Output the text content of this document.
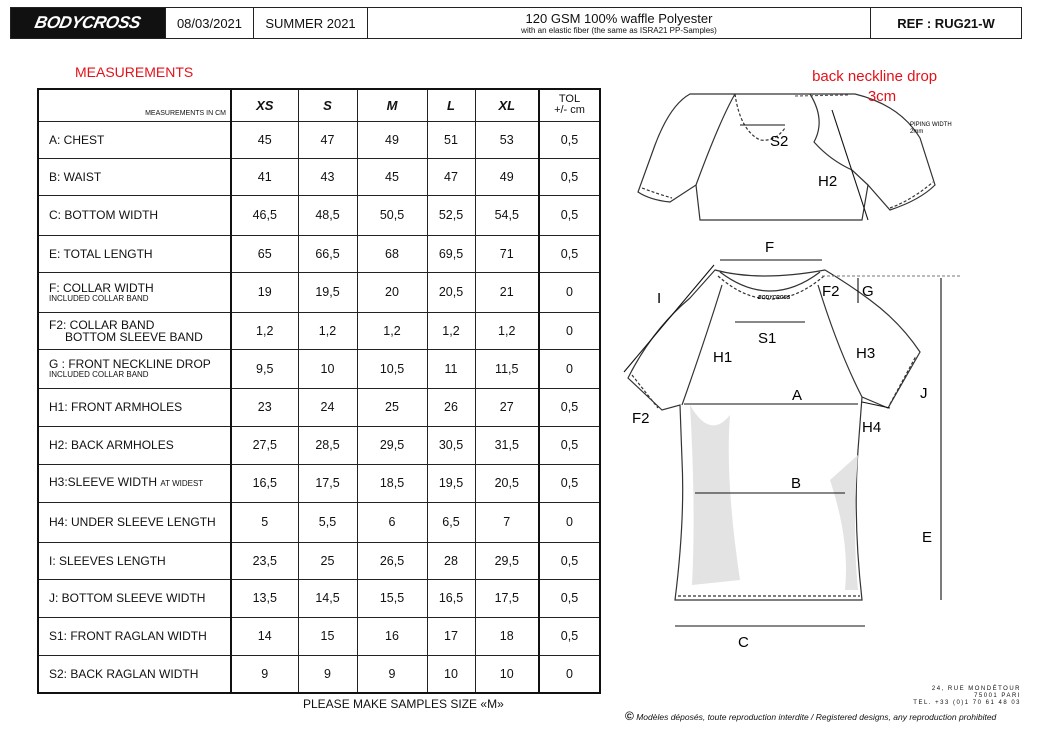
BODYCROSS	08/03/2021	SUMMER 2021	120 GSM 100% waffle Polyester
with an elastic fiber (the same as ISRA21 PP-Samples)	REF : RUG21-W
MEASUREMENTS
MEASUREMENTS IN CM	XS	S	M	L	XL	TOL
+/- cm
A: CHEST	45	47	49	51	53	0,5
B: WAIST	41	43	45	47	49	0,5
C: BOTTOM WIDTH	46,5	48,5	50,5	52,5	54,5	0,5
E: TOTAL LENGTH	65	66,5	68	69,5	71	0,5
F: COLLAR WIDTH
INCLUDED COLLAR BAND	19	19,5	20	20,5	21	0
F2: COLLAR BAND
BOTTOM SLEEVE BAND	1,2	1,2	1,2	1,2	1,2	0
G : FRONT NECKLINE DROP
INCLUDED COLLAR BAND	9,5	10	10,5	11	11,5	0
H1: FRONT ARMHOLES	23	24	25	26	27	0,5
H2: BACK ARMHOLES	27,5	28,5	29,5	30,5	31,5	0,5
H3:SLEEVE WIDTH AT WIDEST	16,5	17,5	18,5	19,5	20,5	0,5
H4: UNDER SLEEVE LENGTH	5	5,5	6	6,5	7	0
I: SLEEVES LENGTH	23,5	25	26,5	28	29,5	0,5
J: BOTTOM SLEEVE WIDTH	13,5	14,5	15,5	16,5	17,5	0,5
S1: FRONT RAGLAN WIDTH	14	15	16	17	18	0,5
S2: BACK RAGLAN WIDTH	9	9	9	10	10	0
PLEASE MAKE SAMPLES SIZE «M»
back neckline drop 3cm
PIPING WIDTH 2mm
S2
H2
F
F2 G
I
S1
H1	H3
A	J
F2
H4
B
E
C
BODYCROSS
24, RUE MONDÉTOUR
75001 PARI
TEL. +33 (0)1 70 61 48 03
© Modèles déposés, toute reproduction interdite / Registered designs, any reproduction prohibited
